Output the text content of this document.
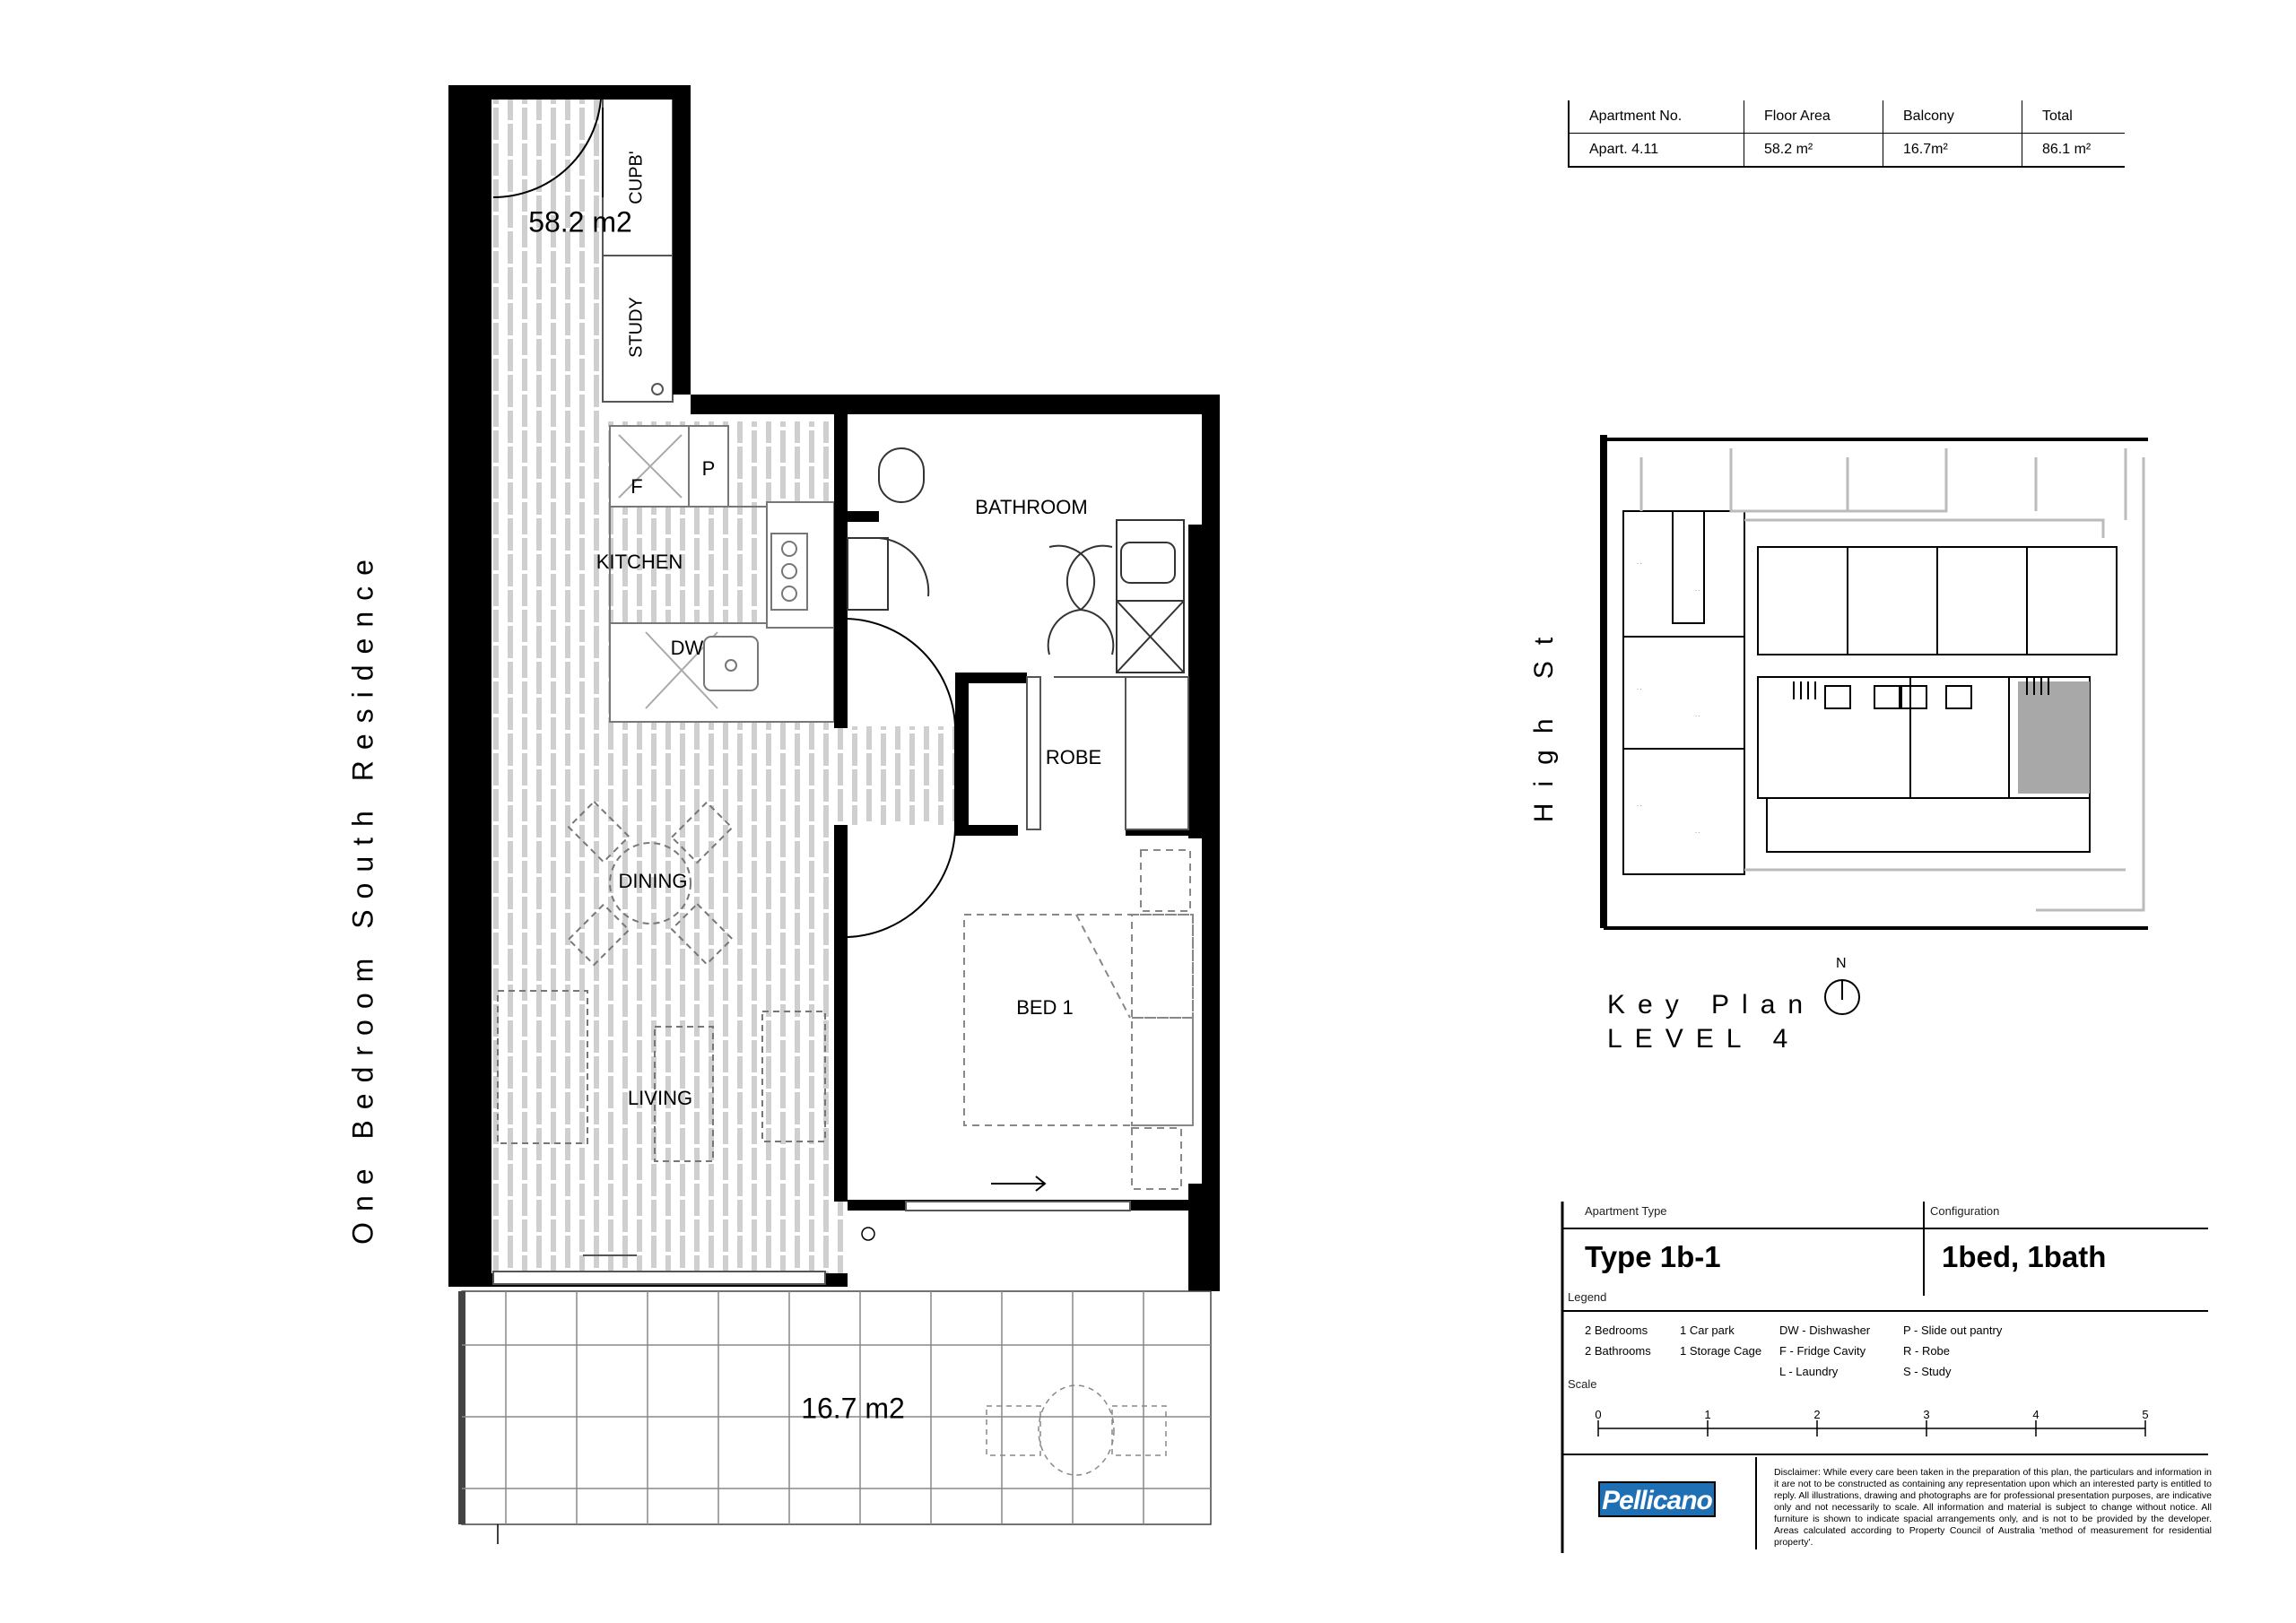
One Bedroom South Residence
58.2 m2
CUPB'
STUDY
F
P
KITCHEN
DW
BATHROOM
ROBE
DINING
BED 1
LIVING
16.7 m2
Apartment No.	Floor Area	Balcony	Total
Apart. 4.11	58.2 m²	16.7m²	86.1 m²
High St
· ·
· ·
· ·
· ·
· ·
· ·
N
Key Plan
LEVEL 4
Apartment Type
Type 1b-1
Configuration
1bed, 1bath
Legend
2 Bedrooms
2 Bathrooms
1 Car park
1 Storage Cage
DW - Dishwasher
F - Fridge Cavity
L - Laundry
P - Slide out pantry
R - Robe
S - Study
Scale
0	1	2	3	4	5
Pellicano
Disclaimer: While every care been taken in the preparation of this plan, the particulars and information in it are not to be constructed as containing any representation upon which an interested party is entitled to reply. All illustrations, drawing and photographs are for professional presentation purposes, are indicative only and not necessarily to scale. All information and material is subject to change without notice. All furniture is shown to indicate spacial arrangements only, and is not to be provided by the developer. Areas calculated according to Property Council of Australia 'method of measurement for residential property'.
